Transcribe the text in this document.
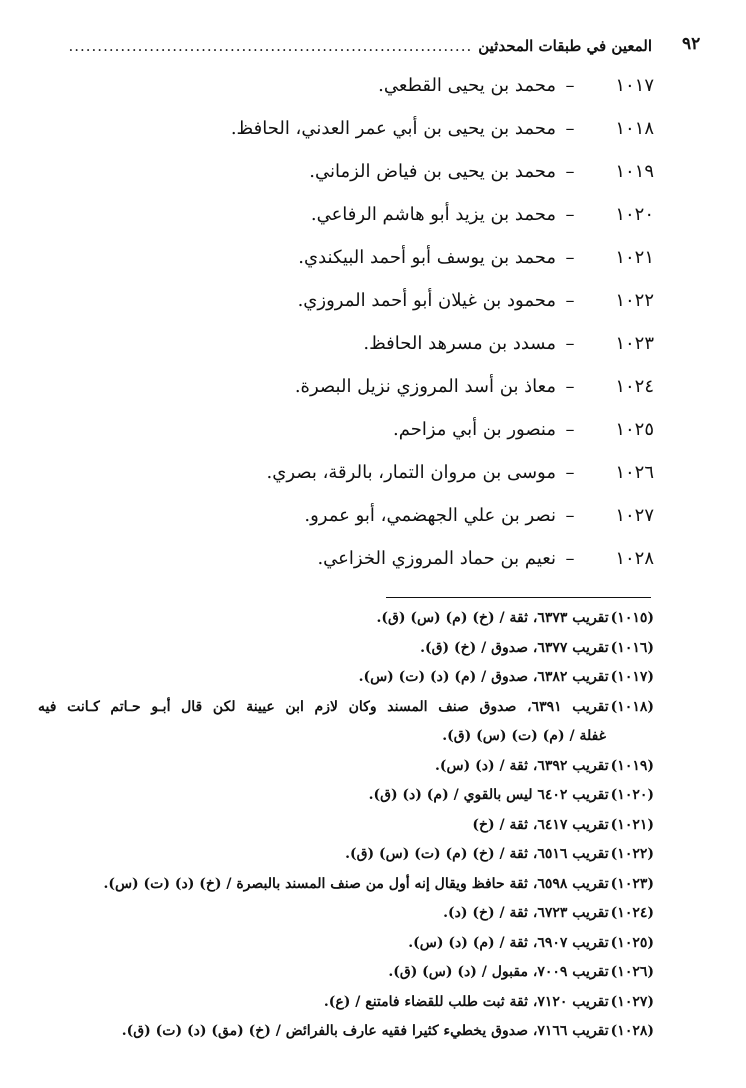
٩٢
المعين في طبقات المحدثين
......................................................................
١٠١٧
–
محمد بن يحيى القطعي.
١٠١٨
–
محمد بن يحيى بن أبي عمر العدني، الحافظ.
١٠١٩
–
محمد بن يحيى بن فياض الزماني.
١٠٢٠
–
محمد بن يزيد أبو هاشم الرفاعي.
١٠٢١
–
محمد بن يوسف أبو أحمد البيكندي.
١٠٢٢
–
محمود بن غيلان أبو أحمد المروزي.
١٠٢٣
–
مسدد بن مسرهد الحافظ.
١٠٢٤
–
معاذ بن أسد المروزي نزيل البصرة.
١٠٢٥
–
منصور بن أبي مزاحم.
١٠٢٦
–
موسى بن مروان التمار، بالرقة، بصري.
١٠٢٧
–
نصر بن علي الجهضمي، أبو عمرو.
١٠٢٨
–
نعيم بن حماد المروزي الخزاعي.
(١٠١٥)تقريب ٦٣٧٣، ثقة / (خ) (م) (س) (ق).
(١٠١٦)تقريب ٦٣٧٧، صدوق / (خ) (ق).
(١٠١٧)تقريب ٦٣٨٢، صدوق / (م) (د) (ت) (س).
(١٠١٨)تقريب ٦٣٩١، صدوق صنف المسند وكان لازم ابن عيينة لكن قال أبـو حـاتم كـانت فيه
غفلة / (م) (ت) (س) (ق).
(١٠١٩)تقريب ٦٣٩٢، ثقة / (د) (س).
(١٠٢٠)تقريب ٦٤٠٢ ليس بالقوي / (م) (د) (ق).
(١٠٢١)تقريب ٦٤١٧، ثقة / (خ)
(١٠٢٢)تقريب ٦٥١٦، ثقة / (خ) (م) (ت) (س) (ق).
(١٠٢٣)تقريب ٦٥٩٨، ثقة حافظ ويقال إنه أول من صنف المسند بالبصرة / (خ) (د) (ت) (س).
(١٠٢٤)تقريب ٦٧٢٣، ثقة / (خ) (د).
(١٠٢٥)تقريب ٦٩٠٧، ثقة / (م) (د) (س).
(١٠٢٦)تقريب ٧٠٠٩، مقبول / (د) (س) (ق).
(١٠٢٧)تقريب ٧١٢٠، ثقة ثبت طلب للقضاء فامتنع / (ع).
(١٠٢٨)تقريب ٧١٦٦، صدوق يخطيء كثيرا فقيه عارف بالفرائض / (خ) (مق) (د) (ت) (ق).
